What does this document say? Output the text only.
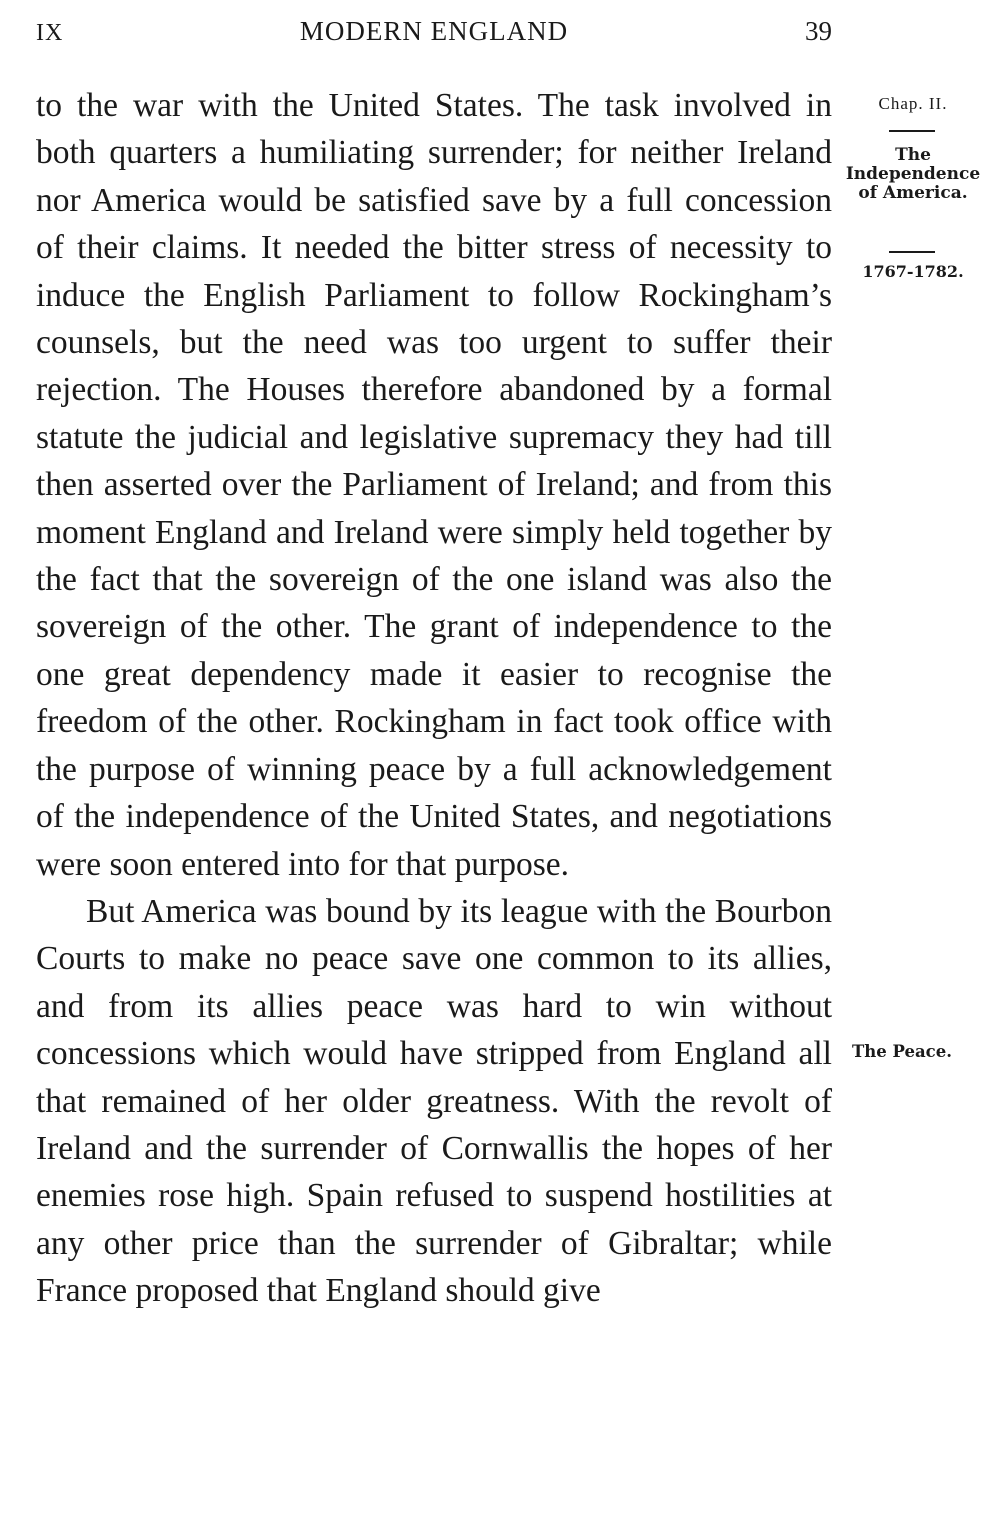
IX	MODERN ENGLAND	39

to the war with the United States. The task involved in both quarters a humiliating surrender; for neither Ireland nor America would be satisfied save by a full concession of their claims. It needed the bitter stress of necessity to induce the English Parliament to follow Rockingham’s counsels, but the need was too urgent to suffer their rejection. The Houses therefore abandoned by a formal statute the judicial and legislative supremacy they had till then asserted over the Parliament of Ireland; and from this moment England and Ireland were simply held together by the fact that the sovereign of the one island was also the sovereign of the other. The grant of independence to the one great dependency made it easier to recognise the freedom of the other. Rockingham in fact took office with the purpose of winning peace by a full acknowledgement of the independence of the United States, and negotiations were soon entered into for that purpose.

But America was bound by its league with the Bourbon Courts to make no peace save one common to its allies, and from its allies peace was hard to win without concessions which would have stripped from England all that remained of her older greatness. With the revolt of Ireland and the surrender of Cornwallis the hopes of her enemies rose high. Spain refused to suspend hostilities at any other price than the surrender of Gibraltar; while France proposed that England should give

Chap. II.
The Independence of America.
1767-1782.
The Peace.
